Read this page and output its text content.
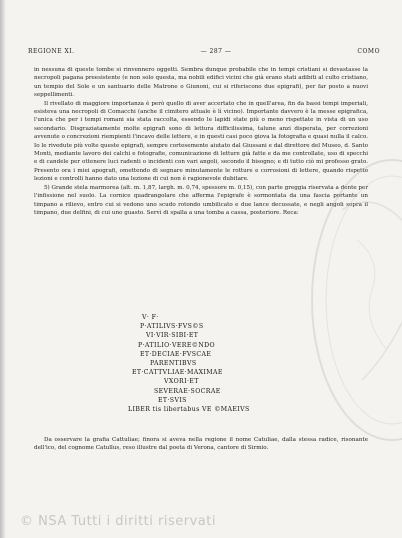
REGIONE XI.	— 287 —	COMO

in nessuna di queste tombe si rinvennero oggetti. Sembra dunque probabile che in tempi cristiani si devastasse la necropoli pagana preesistente (e non solo questa, ma nobili edifici vicini che già erano stati adibiti al culto cristiano, un tempio del Sole e un santuario delle Matrone o Giunoni, cui si riferiscono due epigrafi), per far posto a nuovi seppellimenti.

Il rivellato di maggiore importanza è però quello di aver accertato che in quell'area, fin da bassi tempi imperiali, esisteva una necropoli di Comacchi (anche il cimitero attuale è lì vicino). Importante davvero è la messe epigrafica, l'unica che per i tempi romani sia stata raccolta, essendo le lapidi state più o meno rispettate in vista di un uso secondario. Disgraziatamente molte epigrafi sono di lettura difficilissima, talune anzi disperata, per correzioni avvenute o concrezioni riempienti l'incavo delle lettere, e in questi casi poco giova la fotografia e quasi nulla il calco. Io le rivedute più volte queste epigrafi, sempre cortesemente aiutato dal Giussani e dal direttore del Museo, d. Santo Monti, mediante lavoro dei calchi e fotografie, comunicazione di letture già fatte e da me controllate, uso di specchi e di candele per ottenere luci radenti o incidenti con vari angoli, secondo il bisogno; e di tutto ciò mi professo grato. Presento ora i miei apografi, omettendo di segnare minutamente le rotture e corrosioni di lettere, quando rispetto lezioni e controlli hanno dato una lezione di cui non è ragionevole dubitare.

5) Grande stela marmorea (alt. m. 1,87, largh. m. 0,74, spessore m. 0,15), con parte greggia riservata a dente per l'infissione nel suolo. La cornice quadrangolare che afferma l'epigrafe è sormontata da una fascia portante un timpano a rilievo, entro cui si vedono uno scudo rotondo umbilicato e due lance decussate, e negli angoli sopra il timpano, due delfini, di cui uno guasto. Servì di spalla a una tomba a cassa, posteriore. Reca:

V· F·
P·ATILIVS·FVS©S
VI·VIR·SIBI·ET
P·ATILIO·VERE©NDO
ET·DECIAE·FVSCAE
PARENTIBVS
ET·CATTVLIAE·MAXIMAE
VXORI·ET
SEVERAE·SOCRAE
ET·SVIS
LIBER tis libertabus VE ©MAEIVS

Da osservare la grafia Cattuliae; finora si aveva nella regione il nome Catuliae, dalla stessa radice, risonante dell'ico, del cognome Catullus, reso illustre dal poeta di Verona, cantore di Sirmio.

© NSA Tutti i diritti riservati
